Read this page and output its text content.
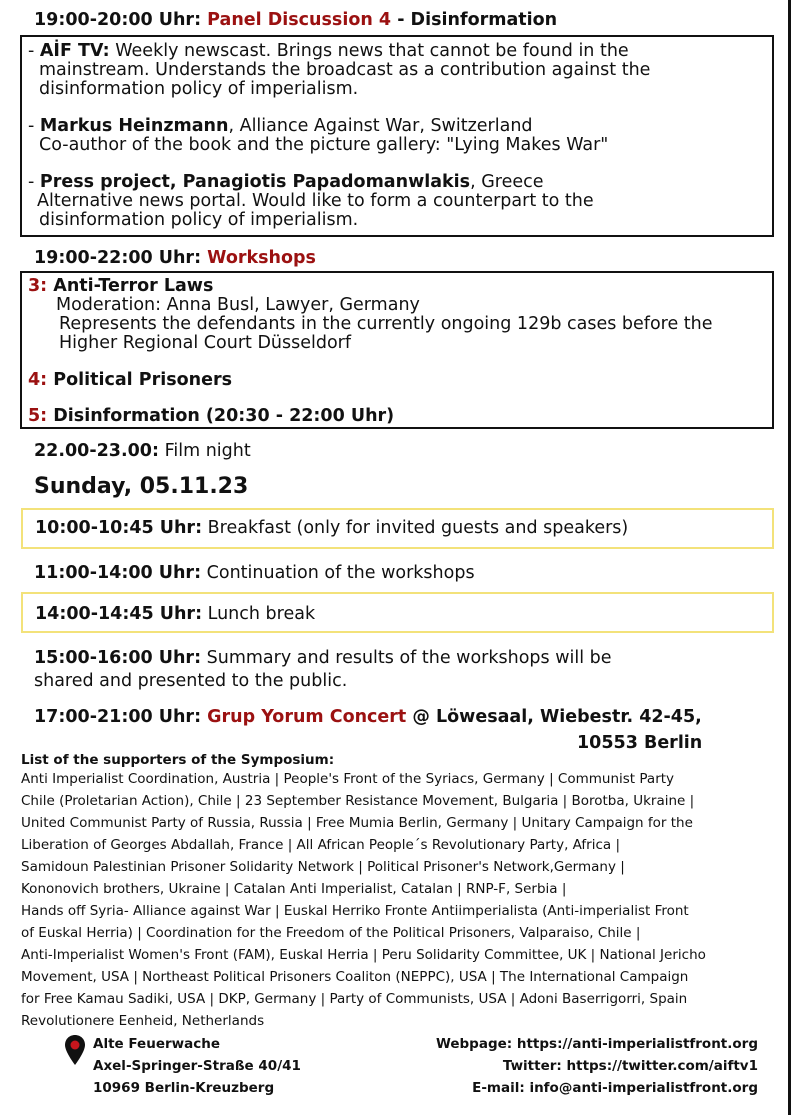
19:00-20:00 Uhr: Panel Discussion 4 - Disinformation
- AİF TV: Weekly newscast. Brings news that cannot be found in the
mainstream. Understands the broadcast as a contribution against the
disinformation policy of imperialism.
- Markus Heinzmann, Alliance Against War, Switzerland
Co-author of the book and the picture gallery: "Lying Makes War"
- Press project, Panagiotis Papadomanwlakis, Greece
Alternative news portal. Would like to form a counterpart to the
disinformation policy of imperialism.
19:00-22:00 Uhr: Workshops
3: Anti-Terror Laws
Moderation: Anna Busl, Lawyer, Germany
Represents the defendants in the currently ongoing 129b cases before the
Higher Regional Court Düsseldorf
4: Political Prisoners
5: Disinformation (20:30 - 22:00 Uhr)
22.00-23.00: Film night
Sunday, 05.11.23
10:00-10:45 Uhr: Breakfast (only for invited guests and speakers)
11:00-14:00 Uhr: Continuation of the workshops
14:00-14:45 Uhr: Lunch break
15:00-16:00 Uhr: Summary and results of the workshops will be
shared and presented to the public.
17:00-21:00 Uhr: Grup Yorum Concert @ Löwesaal, Wiebestr. 42-45,
10553 Berlin
List of the supporters of the Symposium:
Anti Imperialist Coordination, Austria | People's Front of the Syriacs, Germany | Communist Party
Chile (Proletarian Action), Chile | 23 September Resistance Movement, Bulgaria | Borotba, Ukraine |
United Communist Party of Russia, Russia | Free Mumia Berlin, Germany | Unitary Campaign for the
Liberation of Georges Abdallah, France | All African People´s Revolutionary Party, Africa |
Samidoun Palestinian Prisoner Solidarity Network | Political Prisoner's Network,Germany |
Kononovich brothers, Ukraine | Catalan Anti Imperialist, Catalan | RNP-F, Serbia |
Hands off Syria- Alliance against War | Euskal Herriko Fronte Antiimperialista (Anti-imperialist Front
of Euskal Herria) | Coordination for the Freedom of the Political Prisoners, Valparaiso, Chile |
Anti-Imperialist Women's Front (FAM), Euskal Herria | Peru Solidarity Committee, UK | National Jericho
Movement, USA | Northeast Political Prisoners Coaliton (NEPPC), USA | The International Campaign
for Free Kamau Sadiki, USA | DKP, Germany | Party of Communists, USA | Adoni Baserrigorri, Spain
Revolutionere Eenheid, Netherlands
Alte Feuerwache
Axel-Springer-Straße 40/41
10969 Berlin-Kreuzberg
Webpage: https://anti-imperialistfront.org
Twitter: https://twitter.com/aiftv1
E-mail: info@anti-imperialistfront.org
